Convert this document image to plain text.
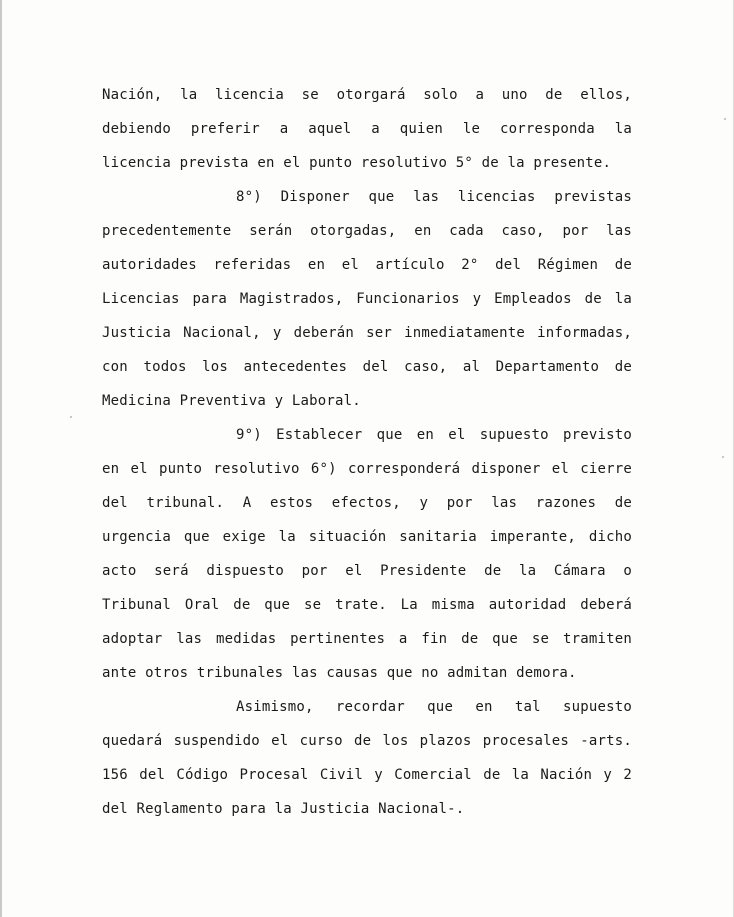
Nación, la licencia se otorgará solo a uno de ellos,
debiendo preferir a aquel a quien le corresponda la
licencia prevista en el punto resolutivo 5° de la presente.
8°) Disponer que las licencias previstas
precedentemente serán otorgadas, en cada caso, por las
autoridades referidas en el artículo 2° del Régimen de
Licencias para Magistrados, Funcionarios y Empleados de la
Justicia Nacional, y deberán ser inmediatamente informadas,
con todos los antecedentes del caso, al Departamento de
Medicina Preventiva y Laboral.
9°) Establecer que en el supuesto previsto
en el punto resolutivo 6°) corresponderá disponer el cierre
del tribunal. A estos efectos, y por las razones de
urgencia que exige la situación sanitaria imperante, dicho
acto será dispuesto por el Presidente de la Cámara o
Tribunal Oral de que se trate. La misma autoridad deberá
adoptar las medidas pertinentes a fin de que se tramiten
ante otros tribunales las causas que no admitan demora.
Asimismo, recordar que en tal supuesto
quedará suspendido el curso de los plazos procesales -arts.
156 del Código Procesal Civil y Comercial de la Nación y 2
del Reglamento para la Justicia Nacional-.
